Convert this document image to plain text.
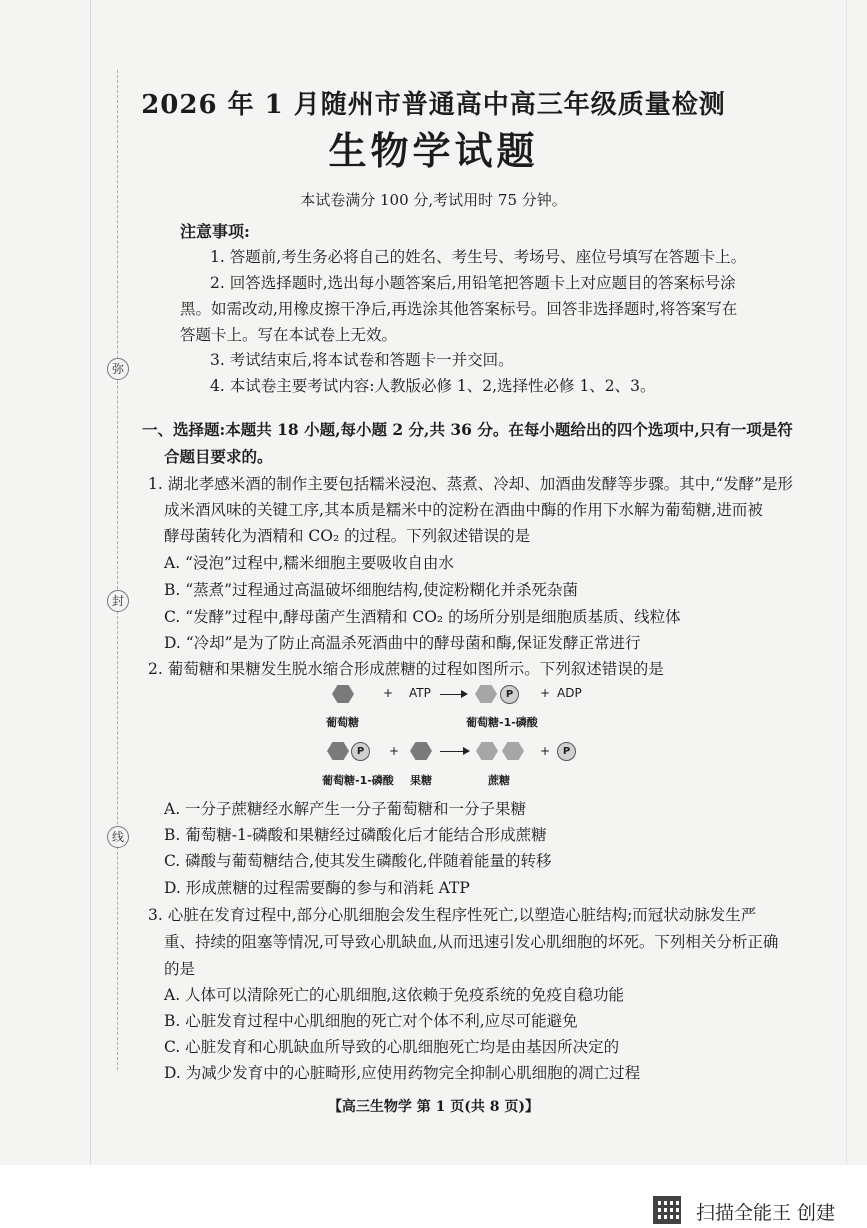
弥
封
线
2026 年 1 月随州市普通高中高三年级质量检测
生物学试题
本试卷满分 100 分,考试用时 75 分钟。
注意事项:
1. 答题前,考生务必将自己的姓名、考生号、考场号、座位号填写在答题卡上。
2. 回答选择题时,选出每小题答案后,用铅笔把答题卡上对应题目的答案标号涂
黑。如需改动,用橡皮擦干净后,再选涂其他答案标号。回答非选择题时,将答案写在
答题卡上。写在本试卷上无效。
3. 考试结束后,将本试卷和答题卡一并交回。
4. 本试卷主要考试内容:人教版必修 1、2,选择性必修 1、2、3。
一、选择题:本题共 18 小题,每小题 2 分,共 36 分。在每小题给出的四个选项中,只有一项是符
合题目要求的。
1. 湖北孝感米酒的制作主要包括糯米浸泡、蒸煮、冷却、加酒曲发酵等步骤。其中,“发酵”是形
成米酒风味的关键工序,其本质是糯米中的淀粉在酒曲中酶的作用下水解为葡萄糖,进而被
酵母菌转化为酒精和 CO₂ 的过程。下列叙述错误的是
A. “浸泡”过程中,糯米细胞主要吸收自由水
B. “蒸煮”过程通过高温破坏细胞结构,使淀粉糊化并杀死杂菌
C. “发酵”过程中,酵母菌产生酒精和 CO₂ 的场所分别是细胞质基质、线粒体
D. “冷却”是为了防止高温杀死酒曲中的酵母菌和酶,保证发酵正常进行
2. 葡萄糖和果糖发生脱水缩合形成蔗糖的过程如图所示。下列叙述错误的是
+ ATP →	P	+ ADP
葡萄糖	葡萄糖-1-磷酸
P	+	+	P
葡萄糖-1-磷酸 果糖	蔗糖
A. 一分子蔗糖经水解产生一分子葡萄糖和一分子果糖
B. 葡萄糖-1-磷酸和果糖经过磷酸化后才能结合形成蔗糖
C. 磷酸与葡萄糖结合,使其发生磷酸化,伴随着能量的转移
D. 形成蔗糖的过程需要酶的参与和消耗 ATP
3. 心脏在发育过程中,部分心肌细胞会发生程序性死亡,以塑造心脏结构;而冠状动脉发生严
重、持续的阻塞等情况,可导致心肌缺血,从而迅速引发心肌细胞的坏死。下列相关分析正确
的是
A. 人体可以清除死亡的心肌细胞,这依赖于免疫系统的免疫自稳功能
B. 心脏发育过程中心肌细胞的死亡对个体不利,应尽可能避免
C. 心脏发育和心肌缺血所导致的心肌细胞死亡均是由基因所决定的
D. 为减少发育中的心脏畸形,应使用药物完全抑制心肌细胞的凋亡过程
【高三生物学 第 1 页(共 8 页)】
扫描全能王 创建
